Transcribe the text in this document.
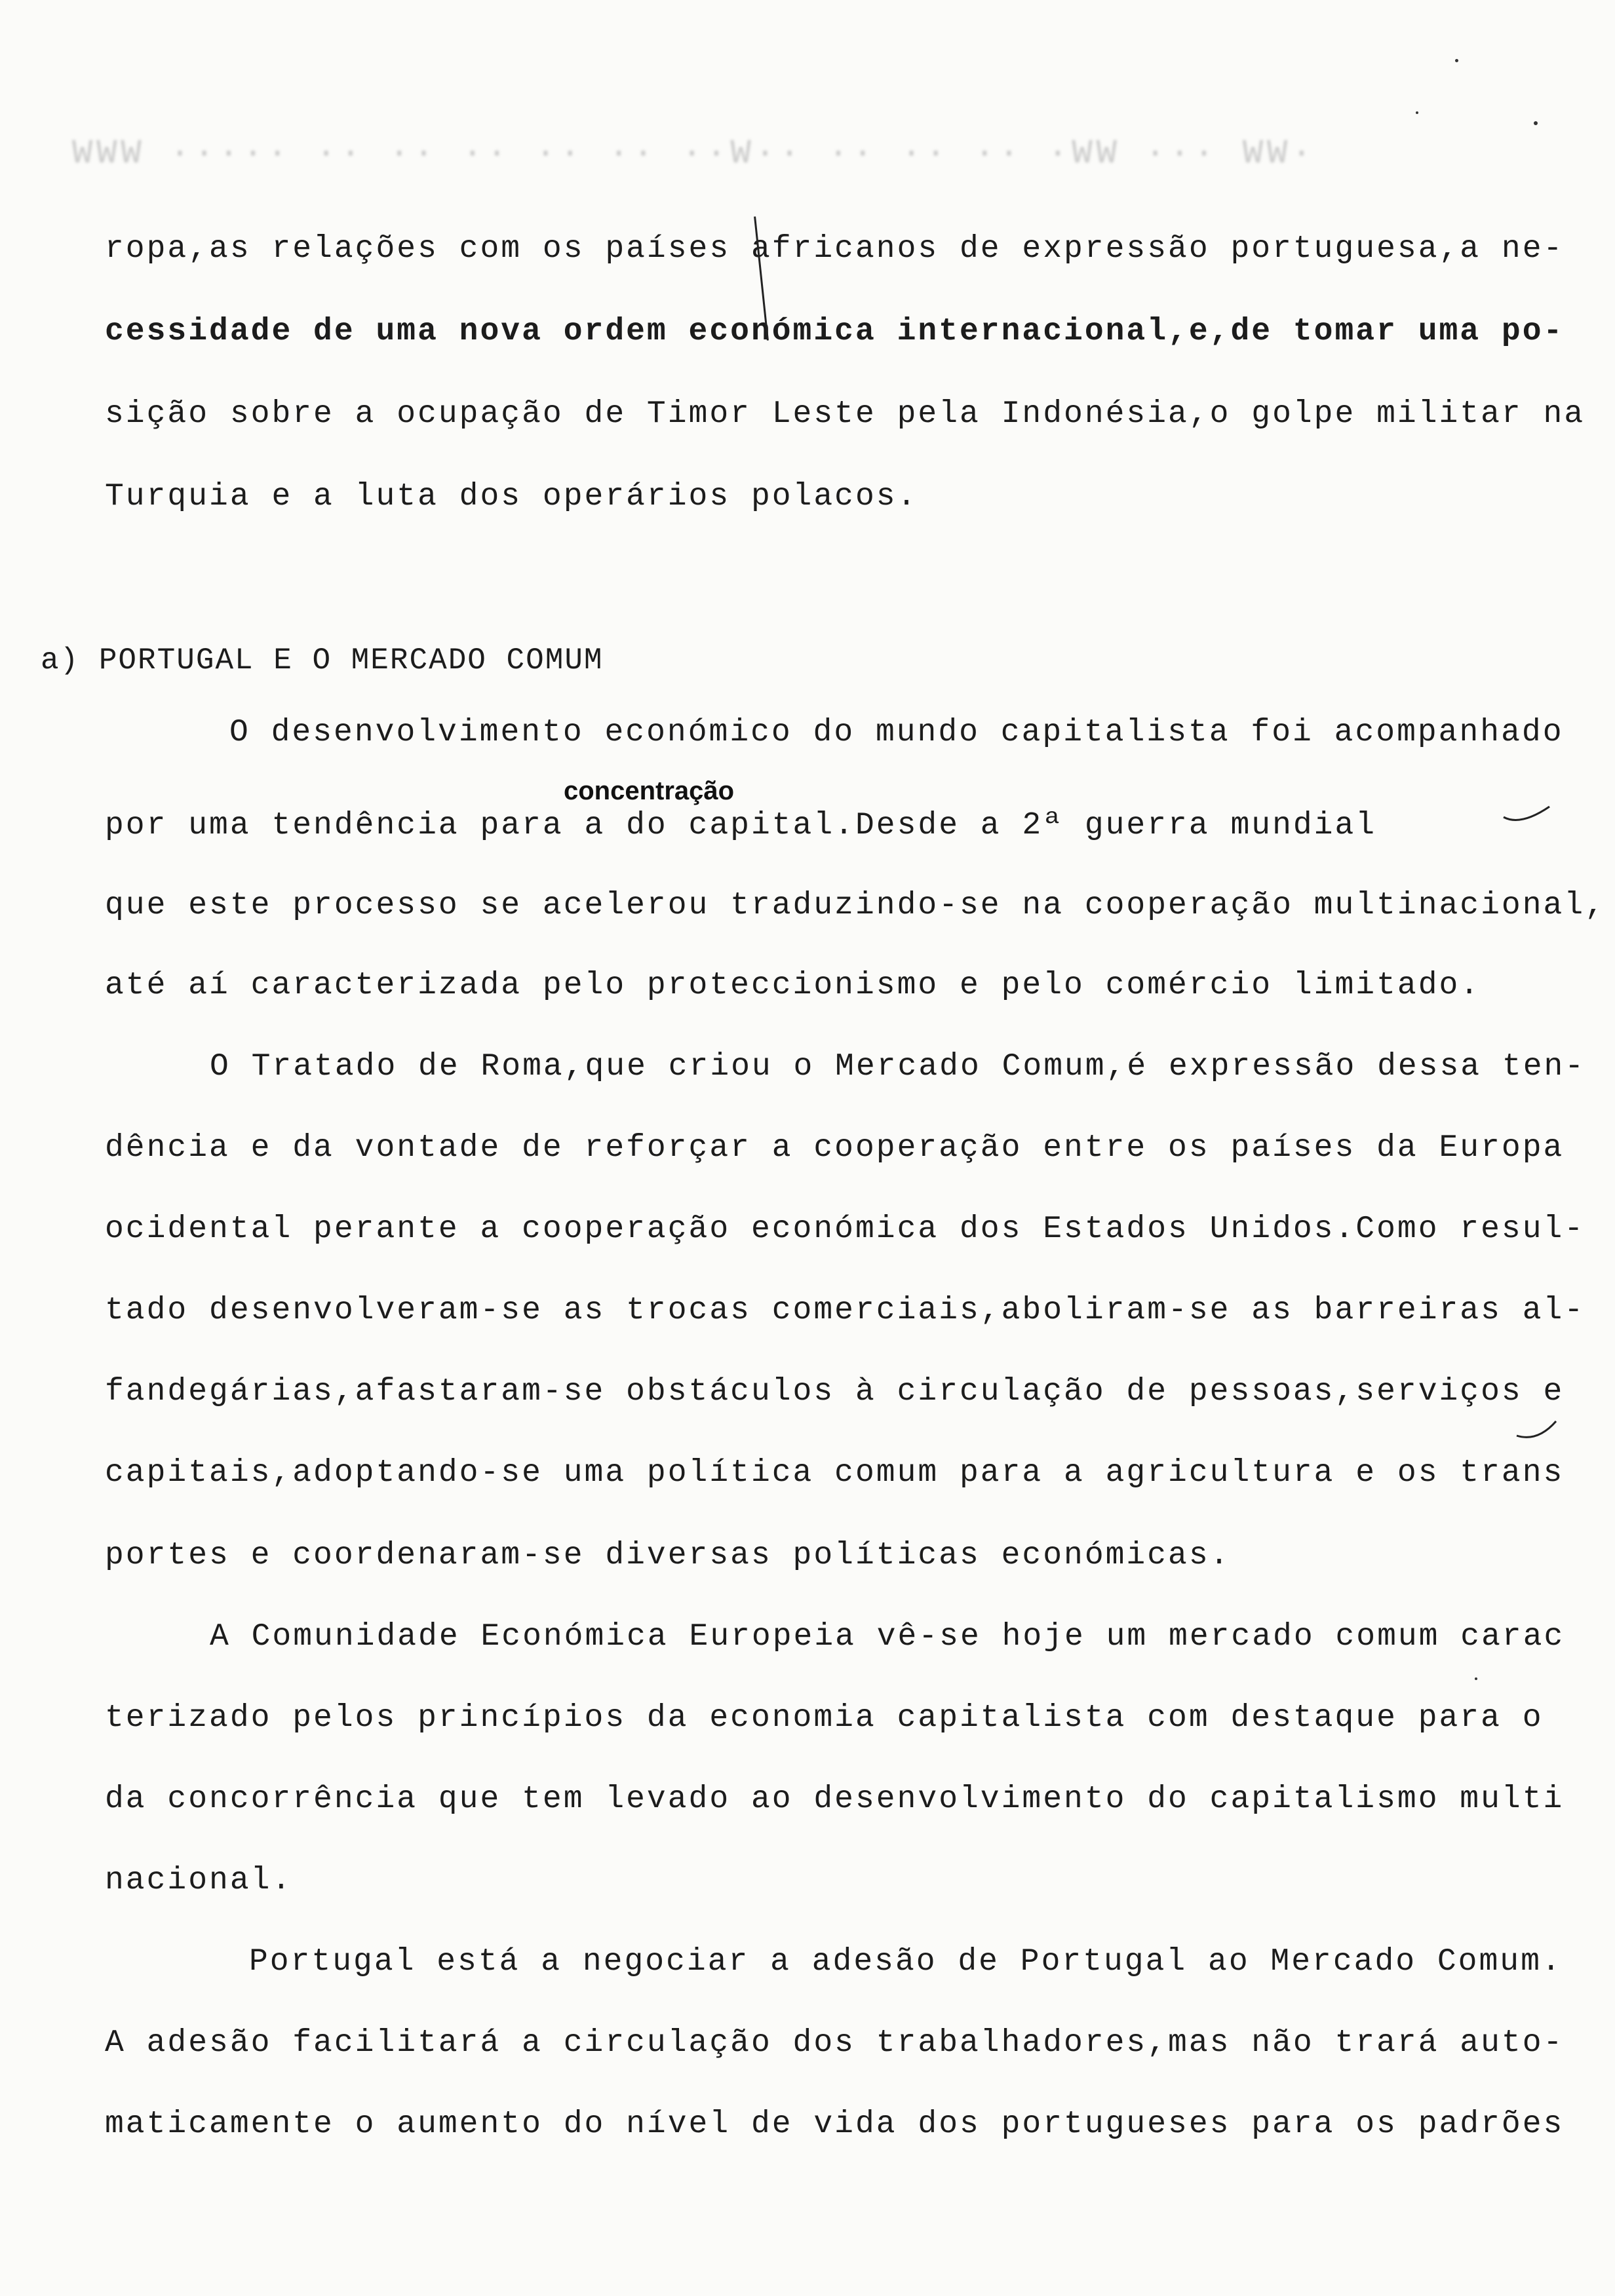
WWW ····· ·· ·· ·· ·· ·· ··W·· ·· ·· ·· ·WW ··· WW·
ropa,as relações com os países africanos de expressão portuguesa,a ne-
cessidade de uma nova ordem económica internacional,e,de tomar uma po-
sição sobre a ocupação de Timor Leste pela Indonésia,o golpe militar na
Turquia e a luta dos operários polacos.
a) PORTUGAL E O MERCADO COMUM
O desenvolvimento económico do mundo capitalista foi acompanhado
concentração
por uma tendência para a do capital.Desde a 2ª guerra mundial
que este processo se acelerou traduzindo-se na cooperação multinacional,
até aí caracterizada pelo proteccionismo e pelo comércio limitado.
O Tratado de Roma,que criou o Mercado Comum,é expressão dessa ten-
dência e da vontade de reforçar a cooperação entre os países da Europa
ocidental perante a cooperação económica dos Estados Unidos.Como resul-
tado desenvolveram-se as trocas comerciais,aboliram-se as barreiras al-
fandegárias,afastaram-se obstáculos à circulação de pessoas,serviços e
capitais,adoptando-se uma política comum para a agricultura e os trans
portes e coordenaram-se diversas políticas económicas.
A Comunidade Económica Europeia vê-se hoje um mercado comum carac
terizado pelos princípios da economia capitalista com destaque para o
da concorrência que tem levado ao desenvolvimento do capitalismo multi
nacional.
Portugal está a negociar a adesão de Portugal ao Mercado Comum.
A adesão facilitará a circulação dos trabalhadores,mas não trará auto-
maticamente o aumento do nível de vida dos portugueses para os padrões
